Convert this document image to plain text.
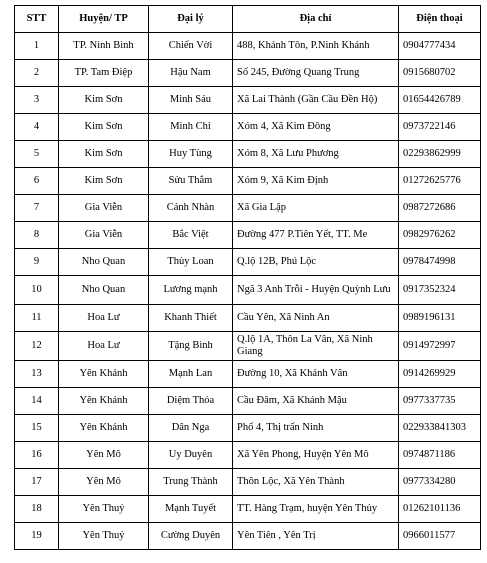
STT	Huyện/ TP	Đại lý	Địa chỉ	Điện thoại
1	TP. Ninh Bình	Chiến Vời	488, Khánh Tôn, P.Ninh Khánh	0904777434
2	TP. Tam Điệp	Hậu Nam	Số 245, Đường Quang Trung	0915680702
3	Kim Sơn	Minh Sáu	Xã Lai Thành (Gần Cầu Đền Hộ)	01654426789
4	Kim Sơn	Minh Chi	Xóm 4, Xã Kim Đông	0973722146
5	Kim Sơn	Huy Tùng	Xóm 8, Xã Lưu Phương	02293862999
6	Kim Sơn	Sửu Thắm	Xóm 9, Xã Kim Định	01272625776
7	Gia Viễn	Cảnh Nhàn	Xã Gia Lập	0987272686
8	Gia Viễn	Bắc Việt	Đường 477 P.Tiên Yết, TT. Me	0982976262
9	Nho Quan	Thủy Loan	Q.lộ 12B, Phú Lộc	0978474998
10	Nho Quan	Lương mạnh	Ngã 3 Anh Trỗi - Huyện Quỳnh Lưu	0917352324
11	Hoa Lư	Khanh Thiết	Cầu Yên, Xã Ninh An	0989196131
12	Hoa Lư	Tặng Bình	Q.lộ 1A, Thôn La Vân, Xã Ninh Giang	0914972997
13	Yên Khánh	Mạnh Lan	Đường 10, Xã Khánh Vân	0914269929
14	Yên Khánh	Diệm Thỏa	Cầu Đâm, Xã Khánh Mậu	0977337735
15	Yên Khánh	Dân Nga	Phố 4, Thị trấn Ninh	022933841303
16	Yên Mô	Uy Duyên	Xã Yên Phong, Huyện Yên Mô	0974871186
17	Yên Mô	Trung Thành	Thôn Lộc, Xã Yên Thành	0977334280
18	Yên Thuỷ	Mạnh Tuyết	TT. Hàng Trạm, huyện Yên Thủy	01262101136
19	Yên Thuỷ	Cường Duyên	Yên Tiên , Yên Trị	0966011577
